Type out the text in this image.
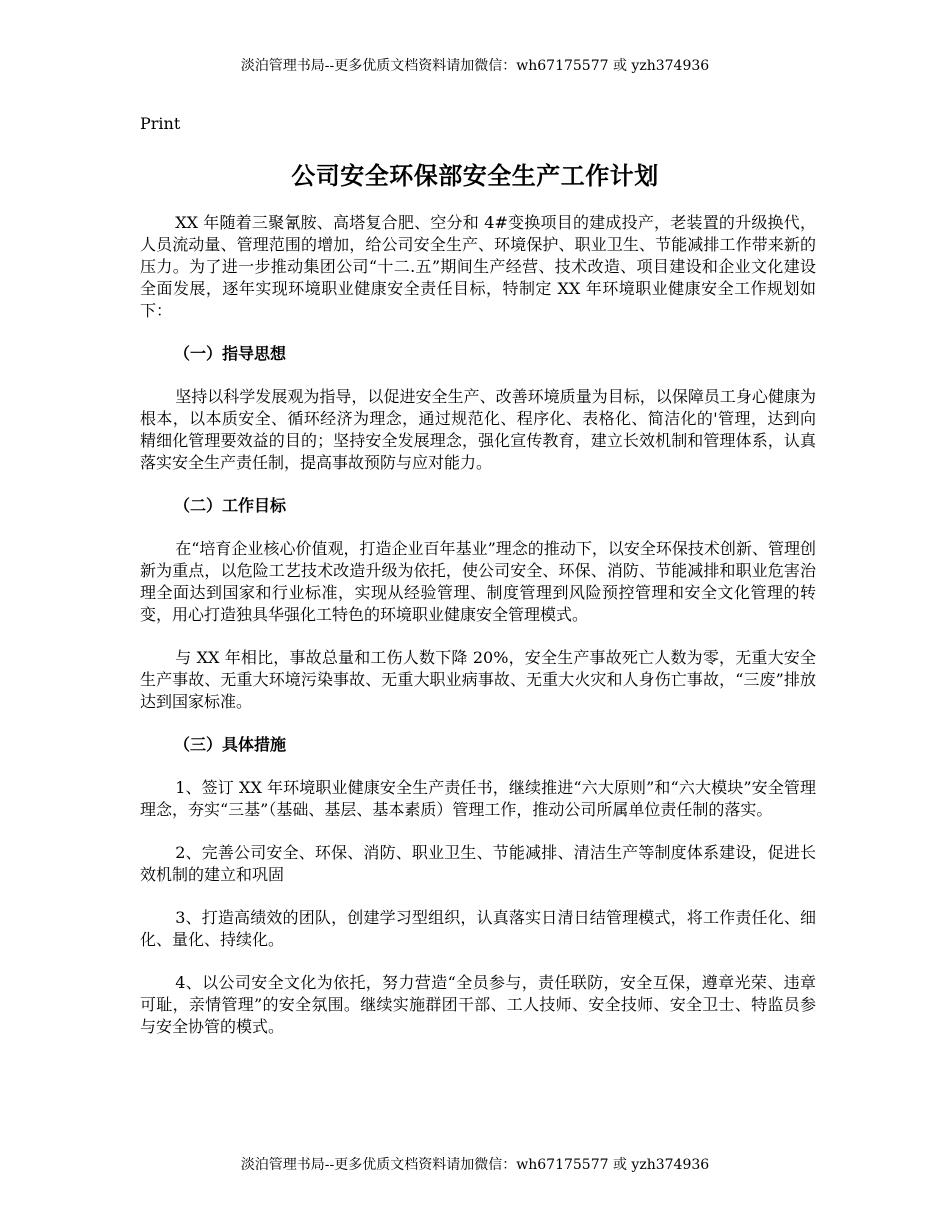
淡泊管理书局--更多优质文档资料请加微信：wh67175577 或 yzh374936
Print
公司安全环保部安全生产工作计划

XX 年随着三聚氰胺、高塔复合肥、空分和 4#变换项目的建成投产，老装置的升级换代，人员流动量、管理范围的增加，给公司安全生产、环境保护、职业卫生、节能减排工作带来新的压力。为了进一步推动集团公司“十二.五”期间生产经营、技术改造、项目建设和企业文化建设全面发展，逐年实现环境职业健康安全责任目标，特制定 XX 年环境职业健康安全工作规划如下：

（一）指导思想

坚持以科学发展观为指导，以促进安全生产、改善环境质量为目标，以保障员工身心健康为根本，以本质安全、循环经济为理念，通过规范化、程序化、表格化、简洁化的'管理，达到向精细化管理要效益的目的；坚持安全发展理念，强化宣传教育，建立长效机制和管理体系，认真落实安全生产责任制，提高事故预防与应对能力。

（二）工作目标

在“培育企业核心价值观，打造企业百年基业”理念的推动下，以安全环保技术创新、管理创新为重点，以危险工艺技术改造升级为依托，使公司安全、环保、消防、节能减排和职业危害治理全面达到国家和行业标准，实现从经验管理、制度管理到风险预控管理和安全文化管理的转变，用心打造独具华强化工特色的环境职业健康安全管理模式。

与 XX 年相比，事故总量和工伤人数下降 20%，安全生产事故死亡人数为零，无重大安全生产事故、无重大环境污染事故、无重大职业病事故、无重大火灾和人身伤亡事故，“三废”排放达到国家标准。

（三）具体措施

1、签订 XX 年环境职业健康安全生产责任书，继续推进“六大原则”和“六大模块”安全管理理念，夯实“三基”（基础、基层、基本素质）管理工作，推动公司所属单位责任制的落实。

2、完善公司安全、环保、消防、职业卫生、节能减排、清洁生产等制度体系建设，促进长效机制的建立和巩固

3、打造高绩效的团队，创建学习型组织，认真落实日清日结管理模式，将工作责任化、细化、量化、持续化。

4、以公司安全文化为依托，努力营造“全员参与，责任联防，安全互保，遵章光荣、违章可耻，亲情管理”的安全氛围。继续实施群团干部、工人技师、安全技师、安全卫士、特监员参与安全协管的模式。

淡泊管理书局--更多优质文档资料请加微信：wh67175577 或 yzh374936
